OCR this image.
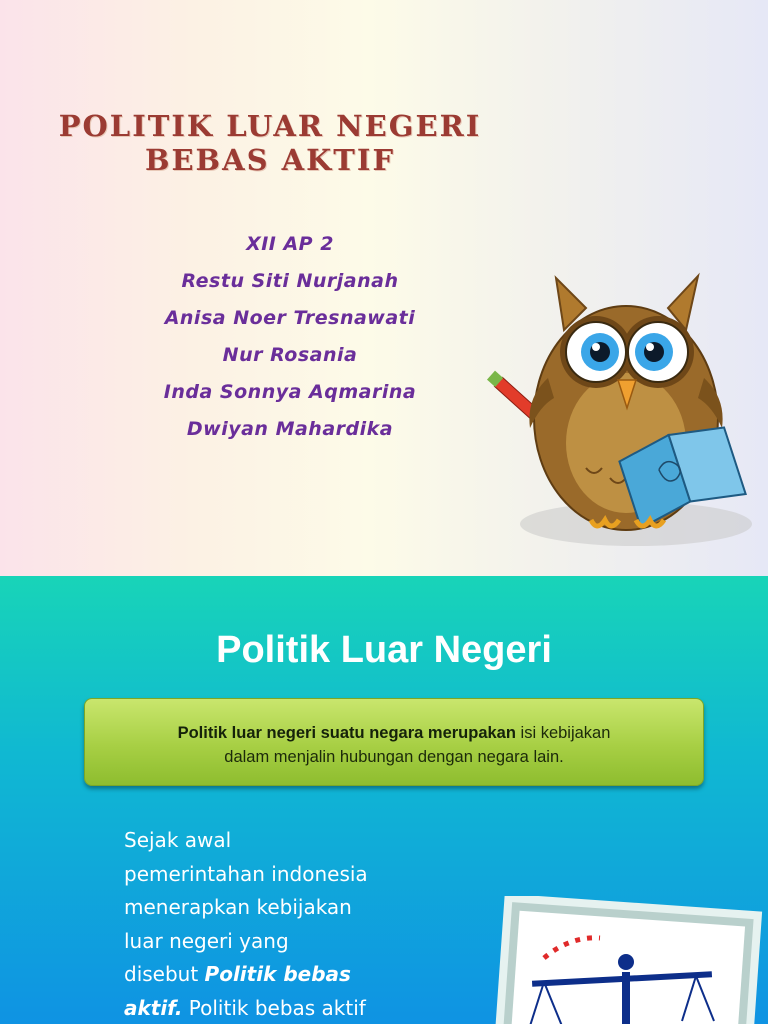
POLITIK LUAR NEGERI
BEBAS AKTIF
XII AP 2
Restu Siti Nurjanah
Anisa Noer Tresnawati
Nur Rosania
Inda Sonnya Aqmarina
Dwiyan Mahardika
Politik Luar Negeri
Politik luar negeri suatu negara merupakan isi kebijakan
dalam menjalin hubungan dengan negara lain.
Sejak awal
pemerintahan indonesia
menerapkan kebijakan
luar negeri yang
disebut Politik bebas
aktif. Politik bebas aktif
